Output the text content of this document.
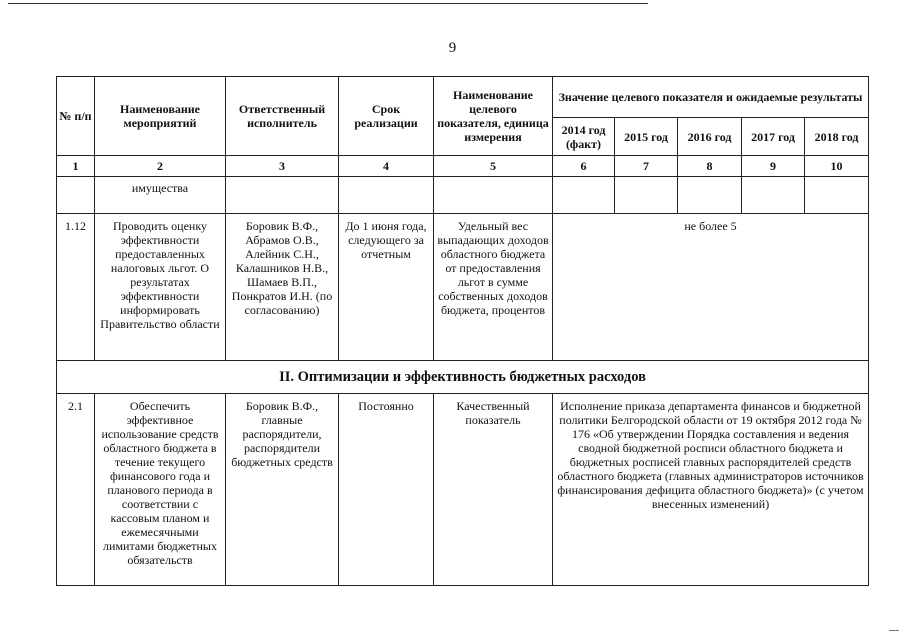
9
№ п/п	Наименование мероприятий	Ответственный исполнитель	Срок реализации	Наименование целевого показателя, единица измерения	Значение целевого показателя и ожидаемые результаты				
					2014 год (факт)	2015 год	2016 год	2017 год	2018 год
1	2	3	4	5	6	7	8	9	10
	имущества								
1.12	Проводить оценку эффективности предоставленных налоговых льгот. О результатах эффективности информировать Правительство области	Боровик В.Ф., Абрамов О.В., Алейник С.Н., Калашников Н.В., Шамаев В.П., Понкратов И.Н. (по согласованию)	До 1 июня года, следующего за отчетным	Удельный вес выпадающих доходов областного бюджета от предоставления льгот в сумме собственных доходов бюджета, процентов	не более 5				
II. Оптимизации и эффективность бюджетных расходов									
2.1	Обеспечить эффективное использование средств областного бюджета в течение текущего финансового года и планового периода в соответствии с кассовым планом и ежемесячными лимитами бюджетных обязательств	Боровик В.Ф., главные распорядители, распорядители бюджетных средств	Постоянно	Качественный показатель	Исполнение приказа департамента финансов и бюджетной политики Белгородской области от 19 октября 2012 года № 176 «Об утверждении Порядка составления и ведения сводной бюджетной росписи областного бюджета и бюджетных росписей главных распорядителей средств областного бюджета (главных администраторов источников финансирования дефицита областного бюджета)» (с учетом внесенных изменений)				
